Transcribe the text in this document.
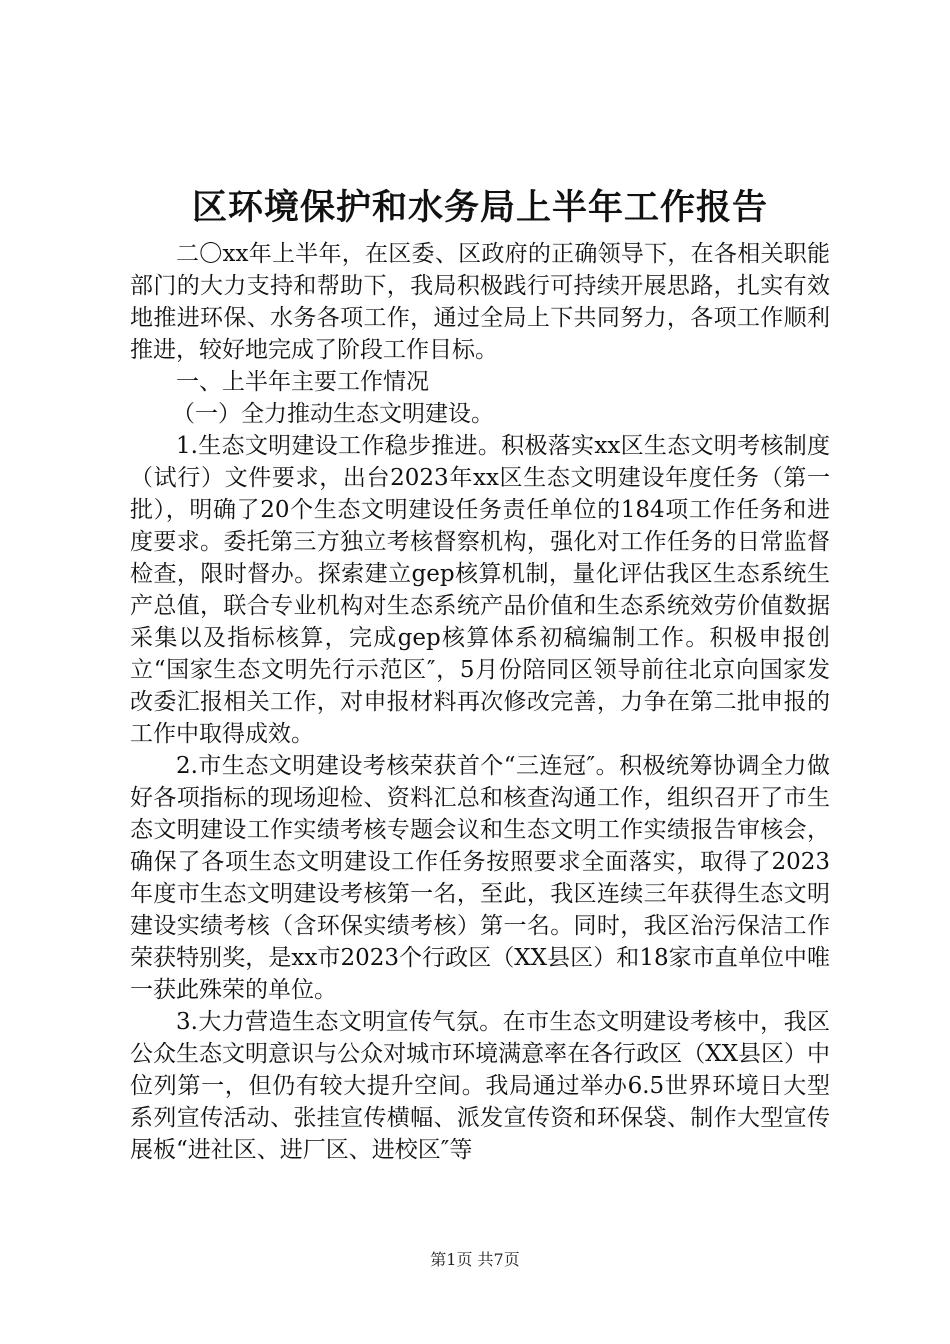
区环境保护和水务局上半年工作报告

二〇xx年上半年，在区委、区政府的正确领导下，在各相关职能部门的大力支持和帮助下，我局积极践行可持续开展思路，扎实有效地推进环保、水务各项工作，通过全局上下共同努力，各项工作顺利推进，较好地完成了阶段工作目标。

一、上半年主要工作情况

（一）全力推动生态文明建设。

1.生态文明建设工作稳步推进。积极落实xx区生态文明考核制度（试行）文件要求，出台2023年xx区生态文明建设年度任务（第一批），明确了20个生态文明建设任务责任单位的184项工作任务和进度要求。委托第三方独立考核督察机构，强化对工作任务的日常监督检查，限时督办。探索建立gep核算机制，量化评估我区生态系统生产总值，联合专业机构对生态系统产品价值和生态系统效劳价值数据采集以及指标核算，完成gep核算体系初稿编制工作。积极申报创立“国家生态文明先行示范区″，5月份陪同区领导前往北京向国家发改委汇报相关工作，对申报材料再次修改完善，力争在第二批申报的工作中取得成效。

2.市生态文明建设考核荣获首个“三连冠″。积极统筹协调全力做好各项指标的现场迎检、资料汇总和核查沟通工作，组织召开了市生态文明建设工作实绩考核专题会议和生态文明工作实绩报告审核会，确保了各项生态文明建设工作任务按照要求全面落实，取得了2023年度市生态文明建设考核第一名，至此，我区连续三年获得生态文明建设实绩考核（含环保实绩考核）第一名。同时，我区治污保洁工作荣获特别奖，是xx市2023个行政区（XX县区）和18家市直单位中唯一获此殊荣的单位。

3.大力营造生态文明宣传气氛。在市生态文明建设考核中，我区公众生态文明意识与公众对城市环境满意率在各行政区（XX县区）中位列第一，但仍有较大提升空间。我局通过举办6.5世界环境日大型系列宣传活动、张挂宣传横幅、派发宣传资和环保袋、制作大型宣传展板“进社区、进厂区、进校区″等

第1页 共7页
